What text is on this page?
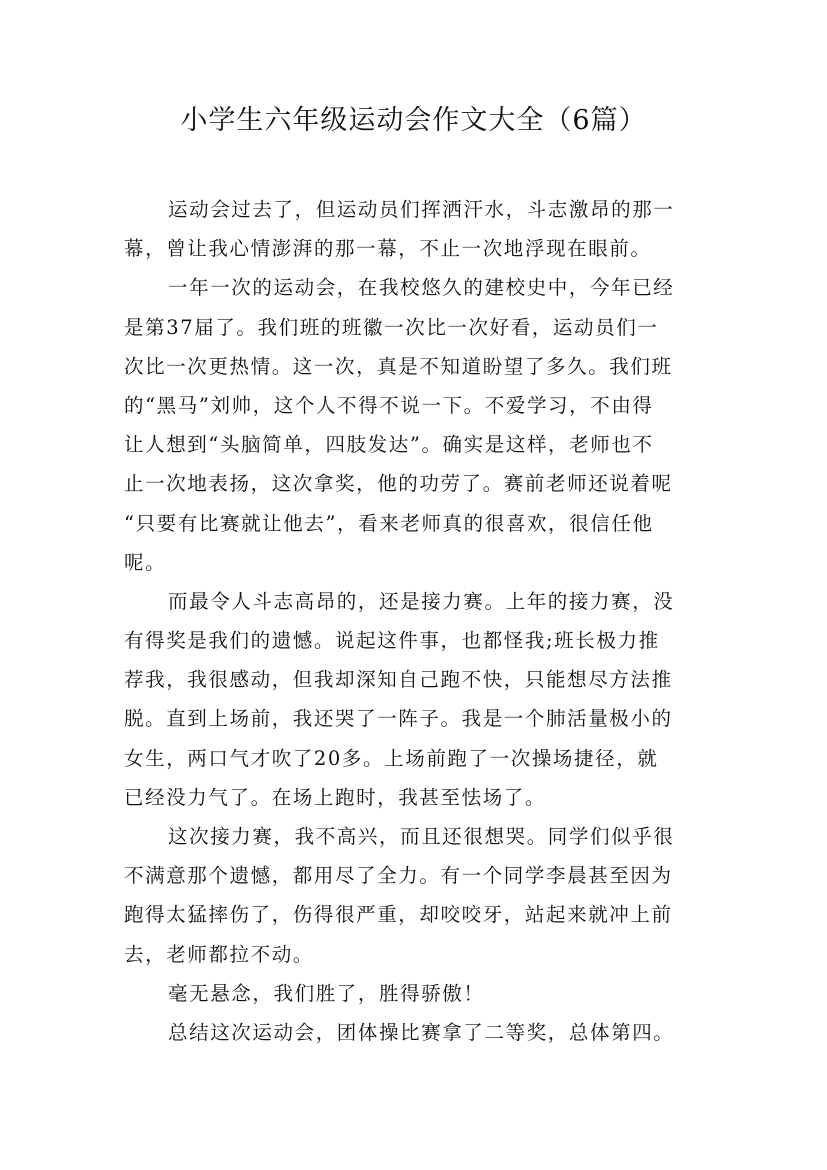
小学生六年级运动会作文大全（6篇）
运动会过去了，但运动员们挥洒汗水，斗志激昂的那一
幕，曾让我心情澎湃的那一幕，不止一次地浮现在眼前。
一年一次的运动会，在我校悠久的建校史中，今年已经
是第37届了。我们班的班徽一次比一次好看，运动员们一
次比一次更热情。这一次，真是不知道盼望了多久。我们班
的“黑马”刘帅，这个人不得不说一下。不爱学习，不由得
让人想到“头脑简单，四肢发达”。确实是这样，老师也不
止一次地表扬，这次拿奖，他的功劳了。赛前老师还说着呢
“只要有比赛就让他去”，看来老师真的很喜欢，很信任他
呢。
而最令人斗志高昂的，还是接力赛。上年的接力赛，没
有得奖是我们的遗憾。说起这件事，也都怪我;班长极力推
荐我，我很感动，但我却深知自己跑不快，只能想尽方法推
脱。直到上场前，我还哭了一阵子。我是一个肺活量极小的
女生，两口气才吹了20多。上场前跑了一次操场捷径，就
已经没力气了。在场上跑时，我甚至怯场了。
这次接力赛，我不高兴，而且还很想哭。同学们似乎很
不满意那个遗憾，都用尽了全力。有一个同学李晨甚至因为
跑得太猛摔伤了，伤得很严重，却咬咬牙，站起来就冲上前
去，老师都拉不动。
毫无悬念，我们胜了，胜得骄傲！
总结这次运动会，团体操比赛拿了二等奖，总体第四。
